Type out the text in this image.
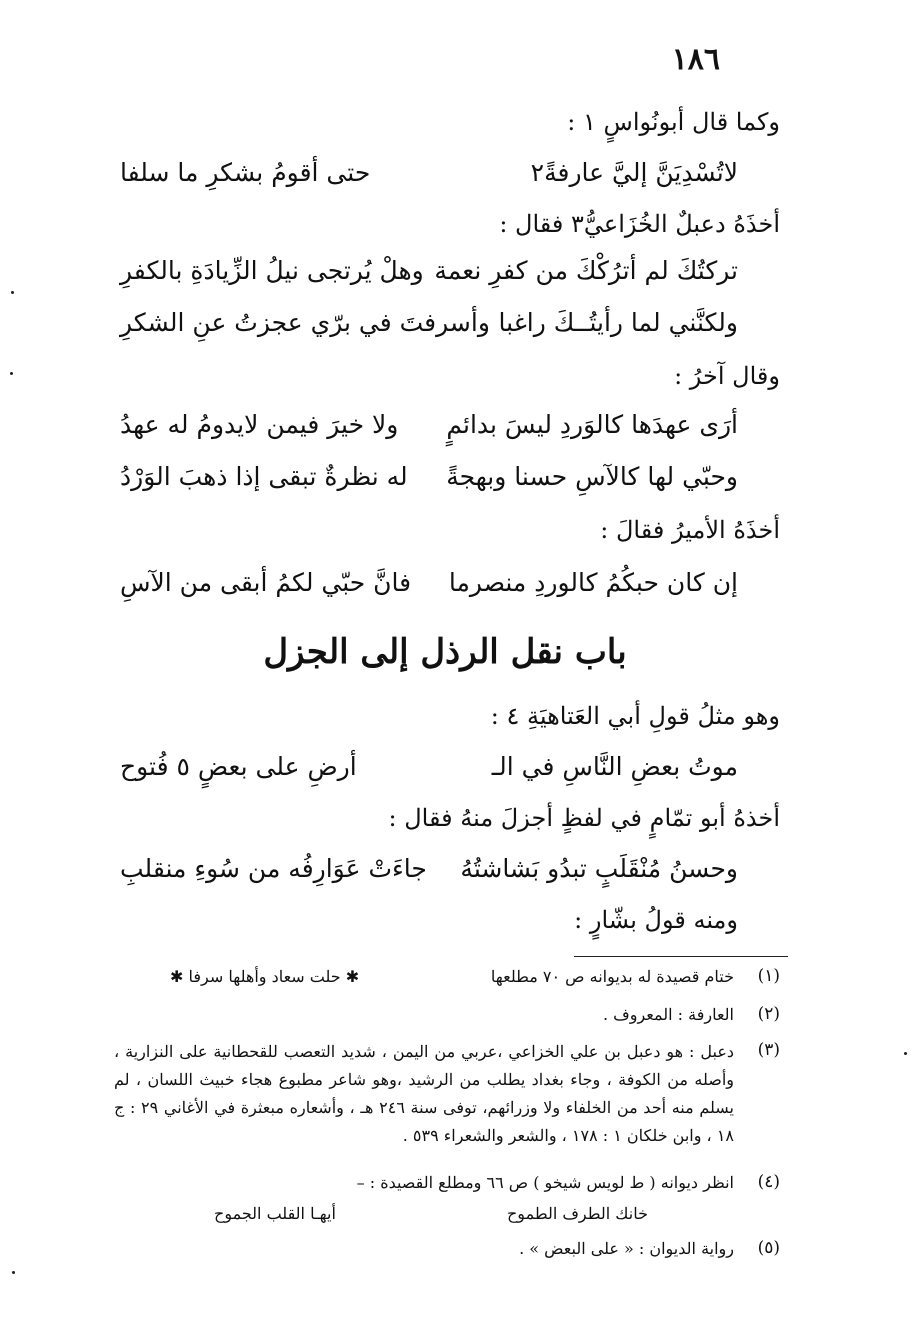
١٨٦
وكما قال أبونُواسٍ ١ :
لاتُسْدِيَنَّ إليَّ عارفةً٢
حتى أقومُ بشكرِ ما سلفا
أخذَهُ دعبلٌ الخُزَاعيُّ٣ فقال :
تركتُكَ لم أترُكْكَ من كفرِ نعمة
وهلْ يُرتجى نيلُ الزِّيادَةِ بالكفرِ
ولكنَّني لما رأيتُــكَ راغبا
وأسرفتَ في برّي عجزتُ عنِ الشكرِ
وقال آخرُ :
أرَى عهدَها كالوَردِ ليسَ بدائمٍ
ولا خيرَ فيمن لايدومُ له عهدُ
وحبّي لها كالآسِ حسنا وبهجةً
له نظرةٌ تبقى إذا ذهبَ الوَرْدُ
أخذَهُ الأميرُ فقالَ :
إن كان حبكُمُ كالوردِ منصرما
فانَّ حبّي لكمُ أبقى من الآسِ
باب نقل الرذل إلى الجزل
وهو مثلُ قولِ أبي العَتاهيَةِ ٤ :
موتُ بعضِ النَّاسِ في الـ
أرضِ على بعضٍ ٥ فُتوح
أخذهُ أبو تمّامٍ في لفظٍ أجزلَ منهُ فقال :
وحسنُ مُنْقَلَبٍ تبدُو بَشاشتُهُ
جاءَتْ عَوَارِفُه من سُوءِ منقلبِ
ومنه قولُ بشّارٍ :
(١)
ختام قصيدة له بديوانه ص ٧٠ مطلعها
✱ حلت سعاد وأهلها سرفا ✱
(٢)
العارفة : المعروف .
(٣)
دعبل : هو دعبل بن علي الخزاعي ،عربي من اليمن ، شديد التعصب للقحطانية على النزارية ، وأصله من الكوفة ، وجاء بغداد يطلب من الرشيد ،وهو شاعر مطبوع هجاء خبيث اللسان ، لم يسلم منه أحد من الخلفاء ولا وزرائهم، توفى سنة ٢٤٦ هـ ، وأشعاره مبعثرة في الأغاني ٢٩ : ج ١٨ ، وابن خلكان ١ : ١٧٨ ، والشعر والشعراء ٥٣٩ .
(٤)
انظر ديوانه ( ط لويس شيخو ) ص ٦٦ ومطلع القصيدة : –
خانك الطرف الطموح
أيهـا القلب الجموح
(٥)
رواية الديوان : « على البعض » .
